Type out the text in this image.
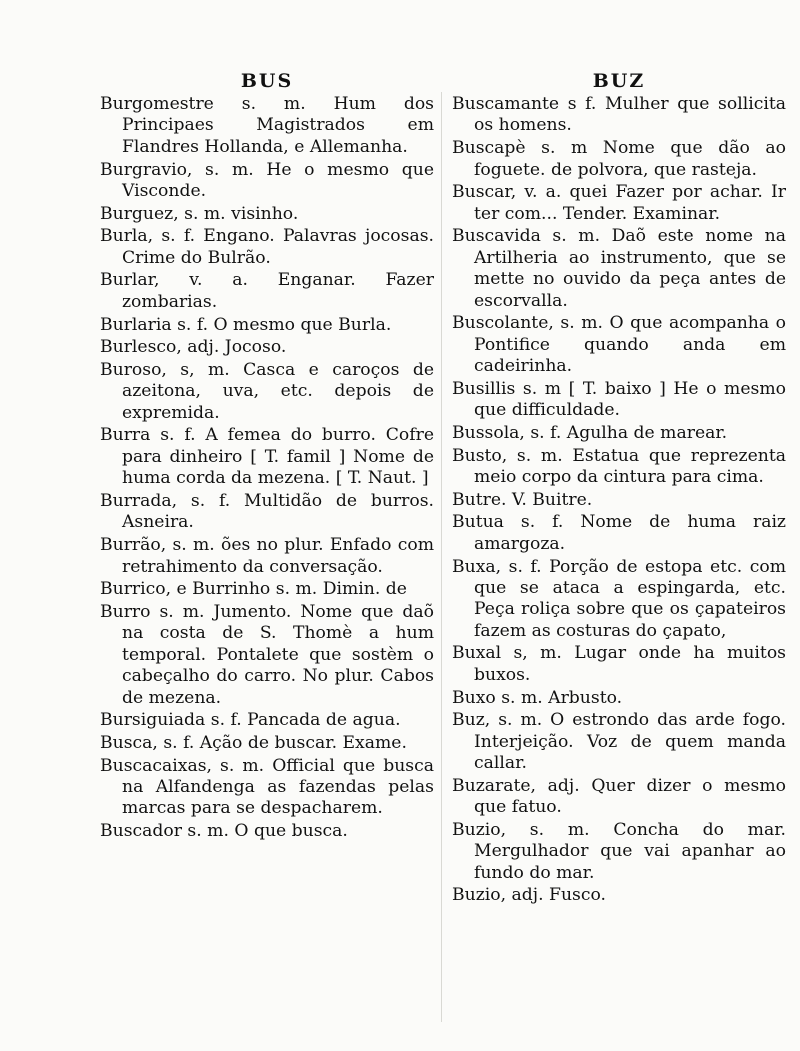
BUS

Burgomestre s. m. Hum dos Principaes Magistrados em Flandres Hollanda, e Allemanha.

Burgravio, s. m. He o mesmo que Visconde.

Burguez, s. m. visinho.

Burla, s. f. Engano. Palavras jocosas. Crime do Bulrão.

Burlar, v. a. Enganar. Fazer zombarias.

Burlaria s. f. O mesmo que Burla.

Burlesco, adj. Jocoso.

Buroso, s, m. Casca e caroços de azeitona, uva, etc. depois de expremida.

Burra s. f. A femea do burro. Cofre para dinheiro [ T. famil ] Nome de huma corda da mezena. [ T. Naut. ]

Burrada, s. f. Multidão de burros. Asneira.

Burrão, s. m. ões no plur. Enfado com retrahimento da conversação.

Burrico, e Burrinho s. m. Dimin. de

Burro s. m. Jumento. Nome que daõ na costa de S. Thomè a hum temporal. Pontalete que sostèm o cabeçalho do carro. No plur. Cabos de mezena.

Bursiguiada s. f. Pancada de agua.

Busca, s. f. Ação de buscar. Exame.

Buscacaixas, s. m. Official que busca na Alfandenga as fazendas pelas marcas para se despacharem.

Buscador s. m. O que busca.

BUZ

Buscamante s f. Mulher que sollicita os homens.

Buscapè s. m Nome que dão ao foguete. de polvora, que rasteja.

Buscar, v. a. quei Fazer por achar. Ir ter com... Tender. Examinar.

Buscavida s. m. Daõ este nome na Artilheria ao instrumento, que se mette no ouvido da peça antes de escorvalla.

Buscolante, s. m. O que acompanha o Pontifice quando anda em cadeirinha.

Busillis s. m [ T. baixo ] He o mesmo que difficuldade.

Bussola, s. f. Agulha de marear.

Busto, s. m. Estatua que reprezenta meio corpo da cintura para cima.

Butre. V. Buitre.

Butua s. f. Nome de huma raiz amargoza.

Buxa, s. f. Porção de estopa etc. com que se ataca a espingarda, etc. Peça roliça sobre que os çapateiros fazem as costuras do çapato,

Buxal s, m. Lugar onde ha muitos buxos.

Buxo s. m. Arbusto.

Buz, s. m. O estrondo das arde fogo. Interjeição. Voz de quem manda callar.

Buzarate, adj. Quer dizer o mesmo que fatuo.

Buzio, s. m. Concha do mar. Mergulhador que vai apanhar ao fundo do mar.

Buzio, adj. Fusco.
